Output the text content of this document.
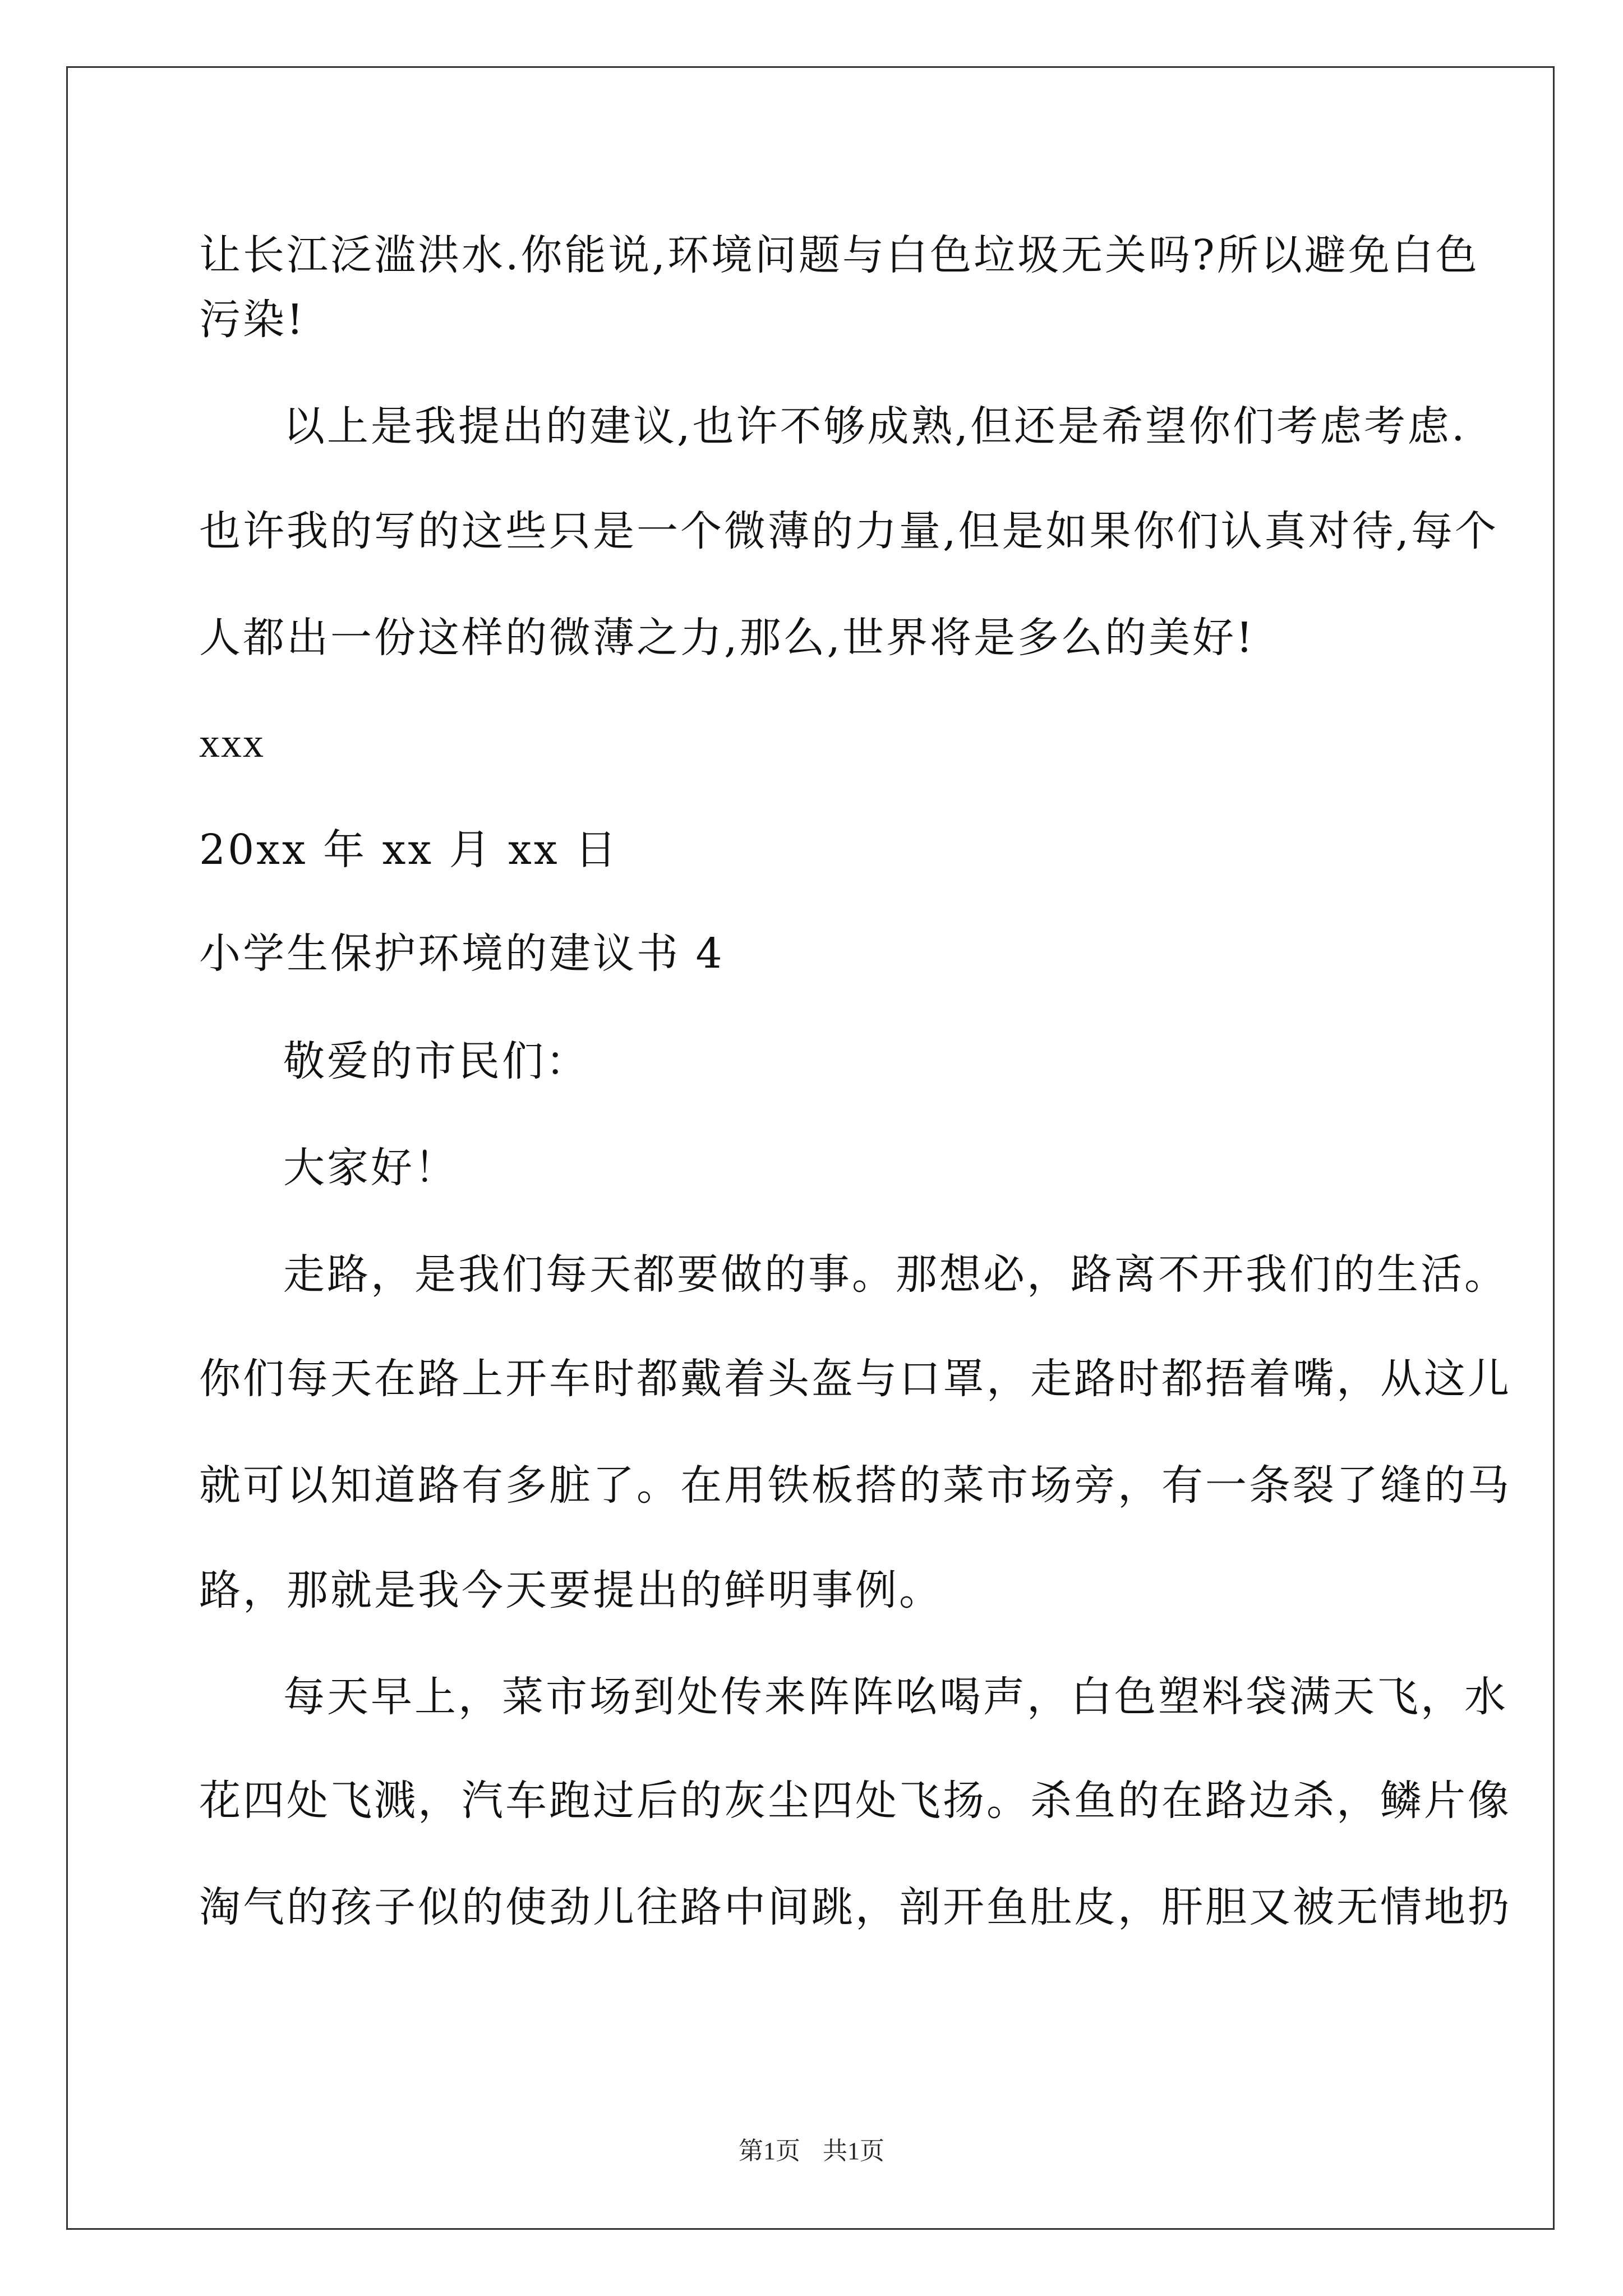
让长江泛滥洪水.你能说,环境问题与白色垃圾无关吗?所以避免白色
污染!
以上是我提出的建议,也许不够成熟,但还是希望你们考虑考虑.
也许我的写的这些只是一个微薄的力量,但是如果你们认真对待,每个
人都出一份这样的微薄之力,那么,世界将是多么的美好!
xxx
20xx 年 xx 月 xx 日
小学生保护环境的建议书 4
敬爱的市民们：
大家好！
走路，是我们每天都要做的事。那想必，路离不开我们的生活。
你们每天在路上开车时都戴着头盔与口罩，走路时都捂着嘴，从这儿
就可以知道路有多脏了。在用铁板搭的菜市场旁，有一条裂了缝的马
路，那就是我今天要提出的鲜明事例。
每天早上，菜市场到处传来阵阵吆喝声，白色塑料袋满天飞，水
花四处飞溅，汽车跑过后的灰尘四处飞扬。杀鱼的在路边杀，鳞片像
淘气的孩子似的使劲儿往路中间跳，剖开鱼肚皮，肝胆又被无情地扔
第1页 共1页
